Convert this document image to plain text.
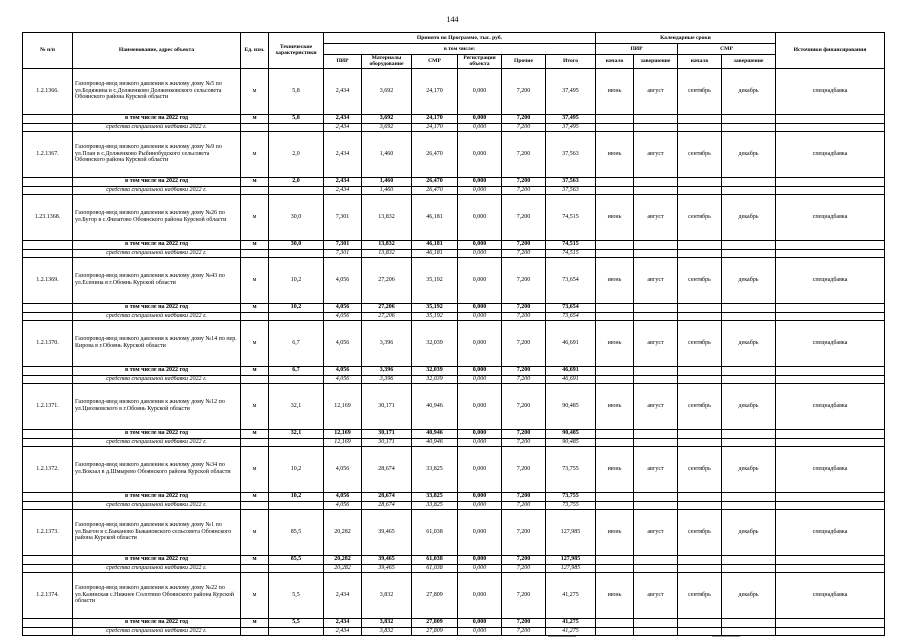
144
№ п/п	Наименование, адрес объекта	Ед. изм.	Технические характеристики	Принято по Программе, тыс. руб.						Календарные сроки				Источники финансирования
				в том числе:						ПИР		СМР		
				ПИР	Материалы оборудование	СМР	Регистрация объекта	Прочие	Итого	начало	завершение	начало	завершение	

1.2.1366.	Газопровод-ввод низкого давления к жилому дому №5 по ул.Бодяжина в с.Долженково Долженковского сельсовета Обоянского района Курской области	м	5,8	2,434	3,692	24,170	0,000	7,200	37,495	июнь	август	сентябрь	декабрь	спецнадбавка
	в том числе на 2022 год	м	5,8	2,434	3,692	24,170	0,000	7,200	37,495					
	средства специальной надбавки 2022 г.			2,434	3,692	24,170	0,000	7,200	37,495					
1.2.1367.	Газопровод-ввод низкого давления к жилому дому №9 по ул.План в с.Долженково Рыбинобудского сельсовета Обоянского района Курской области	м	2,0	2,434	1,460	26,470	0,000	7,200	37,563	июнь	август	сентябрь	декабрь	спецнадбавка
	в том числе на 2022 год	м	2,0	2,434	1,460	26,470	0,000	7,200	37,563					
	средства специальной надбавки 2022 г.			2,434	1,460	26,470	0,000	7,200	37,563					
1.23.1368.	Газопровод-ввод низкого давления к жилому дому №26 по ул.Бугор в с.Филатово Обоянского района Курской области	м	30,0	7,301	13,832	46,181	0,000	7,200	74,515	июнь	август	сентябрь	декабрь	спецнадбавка
	в том числе на 2022 год	м	30,0	7,301	13,832	46,181	0,000	7,200	74,515					
	средства специальной надбавки 2022 г.			7,301	13,832	46,181	0,000	7,200	74,515					
1.2.1369.	Газопровод-ввод низкого давления к жилому дому №43 по ул.Есенина в г.Обоянь Курской области	м	10,2	4,056	27,206	35,192	0,000	7,200	73,654	июнь	август	сентябрь	декабрь	спецнадбавка
	в том числе на 2022 год	м	10,2	4,056	27,206	35,192	0,000	7,200	73,654					
	средства специальной надбавки 2022 г.			4,056	27,206	35,192	0,000	7,200	73,654					
1.2.1370.	Газопровод-ввод низкого давления к жилому дому №14 по пер. Кирова в г.Обоянь Курской области	м	6,7	4,056	3,396	32,039	0,000	7,200	46,691	июнь	август	сентябрь	декабрь	спецнадбавка
	в том числе на 2022 год	м	6,7	4,056	3,396	32,039	0,000	7,200	46,691					
	средства специальной надбавки 2022 г.			4,056	3,396	32,039	0,000	7,200	46,691					
1.2.1371.	Газопровод-ввод низкого давления к жилому дому №12 по ул.Циолковского в г.Обоянь Курской области	м	32,1	12,169	30,171	40,946	0,000	7,200	90,485	июнь	август	сентябрь	декабрь	спецнадбавка
	в том числе на 2022 год	м	32,1	12,169	30,171	40,946	0,000	7,200	90,485					
	средства специальной надбавки 2022 г.			12,169	30,171	40,946	0,000	7,200	90,485					
1.2.1372.	Газопровод-ввод низкого давления к жилому дому №34 по ул.Вокзал в д.Шмырево Обоянского района Курской области	м	10,2	4,056	28,674	33,825	0,000	7,200	73,755	июнь	август	сентябрь	декабрь	спецнадбавка
	в том числе на 2022 год	м	10,2	4,056	28,674	33,825	0,000	7,200	73,755					
	средства специальной надбавки 2022 г.			4,056	28,674	33,825	0,000	7,200	73,755					
1.2.1373.	Газопровод-ввод низкого давления к жилому дому №1 по ул.Выгон в с.Быканово Быкановского сельсовета Обоянского района Курской области	м	85,5	20,282	39,465	61,038	0,000	7,200	127,985	июнь	август	сентябрь	декабрь	спецнадбавка
	в том числе на 2022 год	м	85,5	20,282	39,465	61,038	0,000	7,200	127,985					
	средства специальной надбавки 2022 г.			20,282	39,465	61,038	0,000	7,200	127,985					
1.2.1374.	Газопровод-ввод низкого давления к жилому дому №22 по ул.Казинская с.Нижнее Солотино Обоянского района Курской области	м	5,5	2,434	3,832	27,809	0,000	7,200	41,275	июнь	август	сентябрь	декабрь	спецнадбавка
	в том числе на 2022 год	м	5,5	2,434	3,832	27,809	0,000	7,200	41,275					
	средства специальной надбавки 2022 г.			2,434	3,832	27,809	0,000	7,200	41,275					
